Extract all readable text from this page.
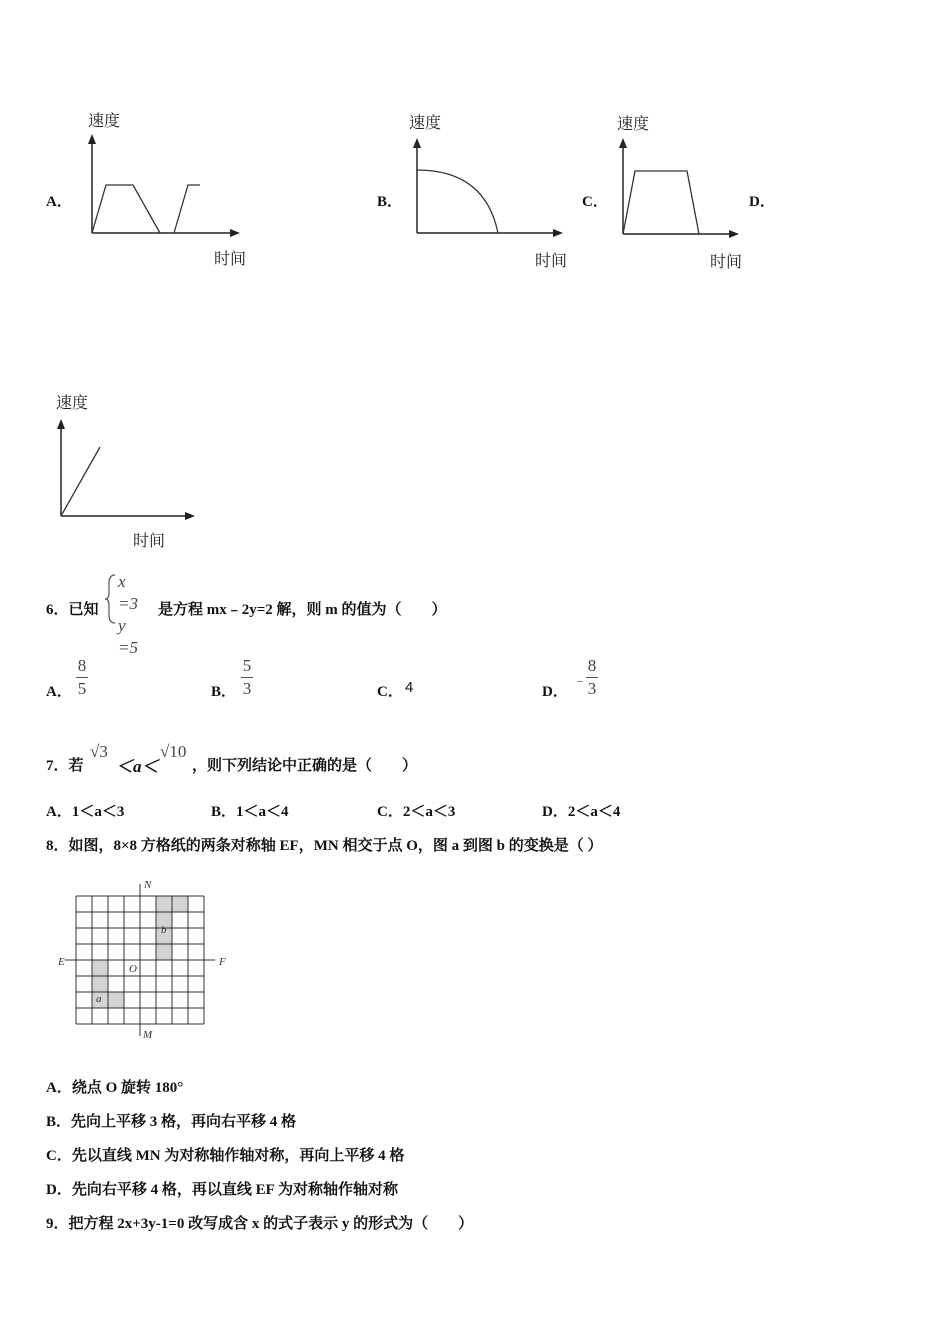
A．
速度
时间
B．
速度
时间
C．
速度
时间
D．
速度
时间
6．已知
x =3
y =5
是方程 mx﹣2y=2 解，则 m 的值为（　　）
A．
8
5	B．
5
3	C． 4	D．
﹣
8
3
7．若
√3
＜a＜
√10
，则下列结论中正确的是（　　）
A．1＜a＜3	B．1＜a＜4	C．2＜a＜3	D．2＜a＜4
8．如图，8×8 方格纸的两条对称轴 EF，MN 相交于点 O，图 a 到图 b 的变换是（ ）
N
M
E	F
O
a
b
A．绕点 O 旋转 180°
B．先向上平移 3 格，再向右平移 4 格
C．先以直线 MN 为对称轴作轴对称，再向上平移 4 格
D．先向右平移 4 格，再以直线 EF 为对称轴作轴对称
9．把方程 2x+3y-1=0 改写成含 x 的式子表示 y 的形式为（　　）
